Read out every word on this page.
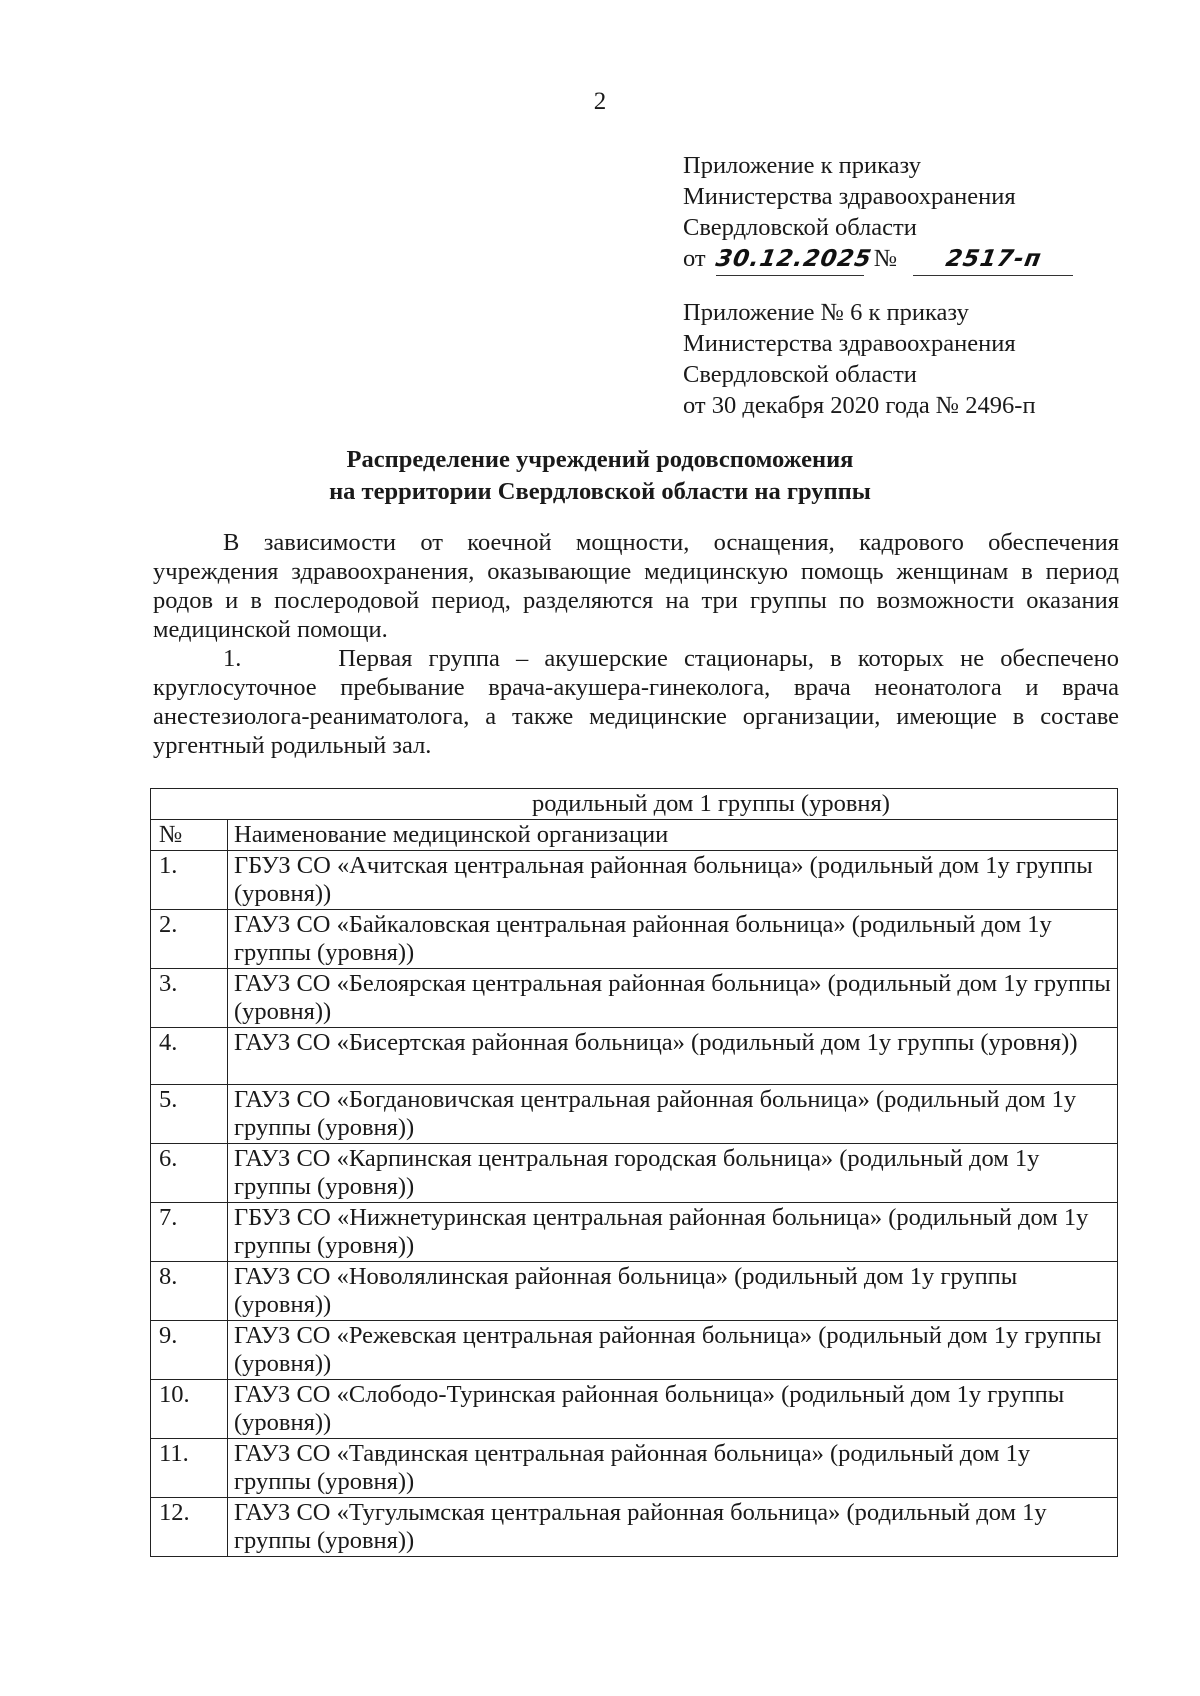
2
Приложение к приказу
Министерства здравоохранения
Свердловской области
от 30.12.2025 № 2517-п
Приложение № 6 к приказу
Министерства здравоохранения
Свердловской области
от 30 декабря 2020 года № 2496-п
Распределение учреждений родовспоможения
на территории Свердловской области на группы

В зависимости от коечной мощности, оснащения, кадрового обеспечения учреждения здравоохранения, оказывающие медицинскую помощь женщинам в период родов и в послеродовой период, разделяются на три группы по возможности оказания медицинской помощи.

1.      Первая группа – акушерские стационары, в которых не обеспечено круглосуточное пребывание врача-акушера-гинеколога, врача неонатолога и врача анестезиолога-реаниматолога, а также медицинские организации, имеющие в составе ургентный родильный зал.

родильный дом 1 группы (уровня)	
№	Наименование медицинской организации
1.	ГБУЗ СО «Ачитская центральная районная больница» (родильный дом 1у группы (уровня))
2.	ГАУЗ СО «Байкаловская центральная районная больница» (родильный дом 1у группы (уровня))
3.	ГАУЗ СО «Белоярская центральная районная больница» (родильный дом 1у группы (уровня))
4.	ГАУЗ СО «Бисертская районная больница» (родильный дом 1у группы (уровня))
5.	ГАУЗ СО «Богдановичская центральная районная больница» (родильный дом 1у группы (уровня))
6.	ГАУЗ СО «Карпинская центральная городская больница» (родильный дом 1у группы (уровня))
7.	ГБУЗ СО «Нижнетуринская центральная районная больница» (родильный дом 1у группы (уровня))
8.	ГАУЗ СО «Новолялинская районная больница» (родильный дом 1у группы (уровня))
9.	ГАУЗ СО «Режевская центральная районная больница» (родильный дом 1у группы (уровня))
10.	ГАУЗ СО «Слободо-Туринская районная больница» (родильный дом 1у группы (уровня))
11.	ГАУЗ СО «Тавдинская центральная районная больница» (родильный дом 1у группы (уровня))
12.	ГАУЗ СО «Тугулымская центральная районная больница» (родильный дом 1у группы (уровня))
